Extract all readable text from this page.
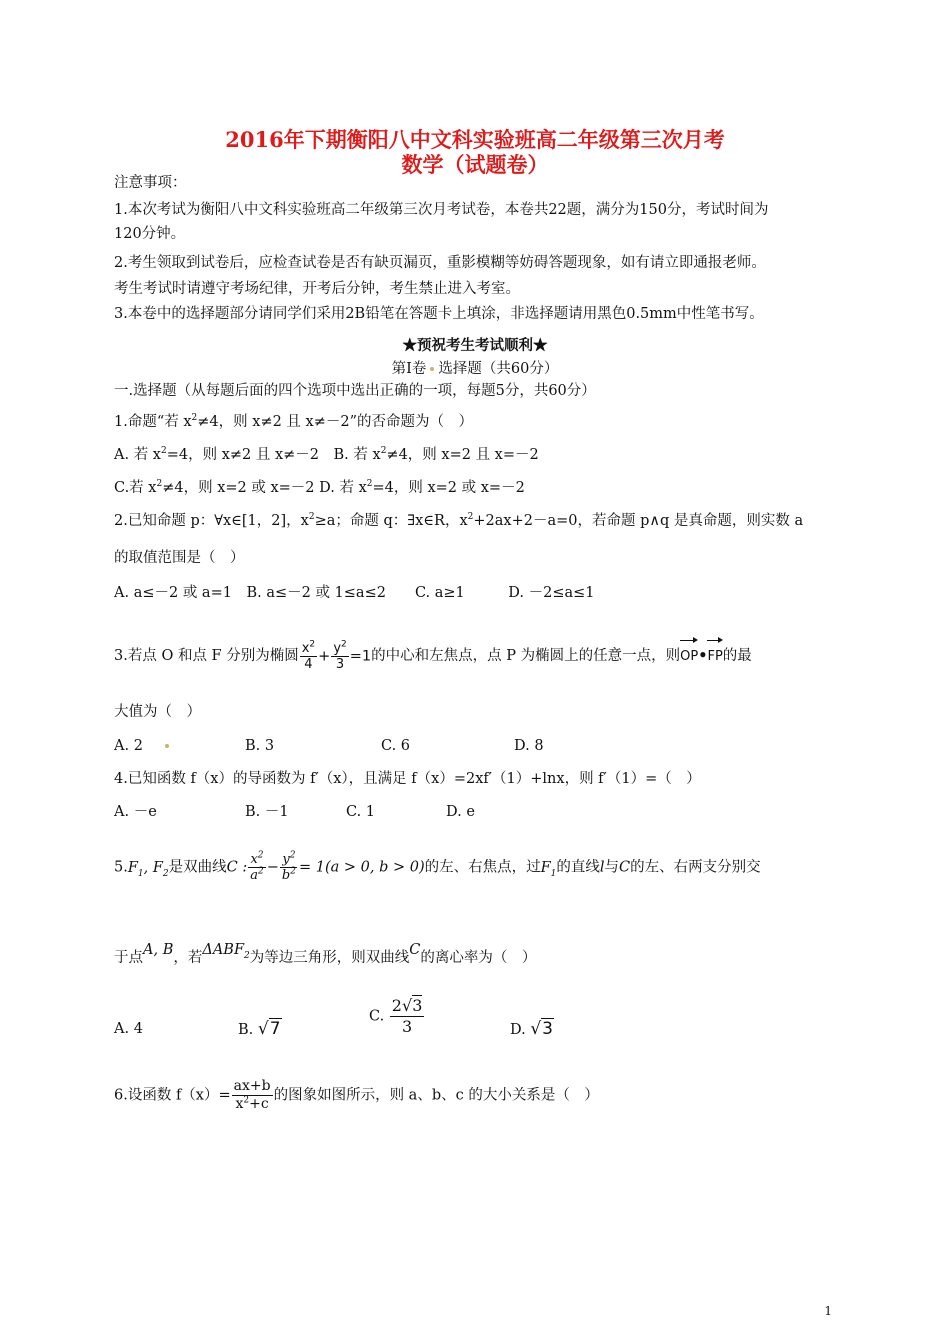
2016年下期衡阳八中文科实验班高二年级第三次月考
数学（试题卷）
注意事项：
1.本次考试为衡阳八中文科实验班高二年级第三次月考试卷，本卷共22题，满分为150分，考试时间为
120分钟。
2.考生领取到试卷后，应检查试卷是否有缺页漏页，重影模糊等妨碍答题现象，如有请立即通报老师。
考生考试时请遵守考场纪律，开考后分钟，考生禁止进入考室。
3.本卷中的选择题部分请同学们采用2B铅笔在答题卡上填涂，非选择题请用黑色0.5mm中性笔书写。
★预祝考生考试顺利★
第Ⅰ卷 选择题（共60分）
一.选择题（从每题后面的四个选项中选出正确的一项，每题5分，共60分）
1.命题“若 $x^2\ne 4$，则 x≠2 且 x≠－2”的否命题为（　）
A. 若 $x^2=4$，则 x≠2 且 x≠－2　B. 若 $x^2\ne 4$，则 x=2 且 x=－2
C.若 $x^2\ne 4$，则 x=2 或 x=－2 D. 若 $x^2=4$，则 x=2 或 x=－2
2.已知命题 p：∀x∈[1，2]，$x^2\ge a$；命题 q：∃x∈R，$x^2+2ax+2-a=0$，若命题 p∧q 是真命题，则实数 a
的取值范围是（　）
A. a≤－2 或 a=1　B. a≤－2 或 1≤a≤2　　C. a≥1　　　D. －2≤a≤1
3.若点 O 和点 F 分别为椭圆 $\frac{x^2}{4} + \frac{y^2}{3} =1$的中心和左焦点，点 P 为椭圆上的任意一点，则OP•FP的最
大值为（　）
A. 2	B. 3	C. 6	D. 8
4.已知函数 f（x）的导函数为 f′（x），且满足 f（x）=2xf′（1）+lnx，则 f′（1）=（　）
A. －e	B. －1	C. 1	D. e
$5.F_1$, $F_2$是双曲线C : $\frac{x^2}{a^2} - \frac{y^2}{b^2} = 1(a > 0$, b > 0)的左、右焦点，过$F_1$的直线l与C的左、右两支分别交
于点A, B，若$\Delta ABF_2$为等边三角形，则双曲线C的离心率为（　）
A. 4	B. √7
C. $\frac{2√3}{3}$	D. √3
6.设函数 $f(x)= \frac{ax+b}{x^2+c}$ 的图象如图所示，则 a、b、c 的大小关系是（　）
1
